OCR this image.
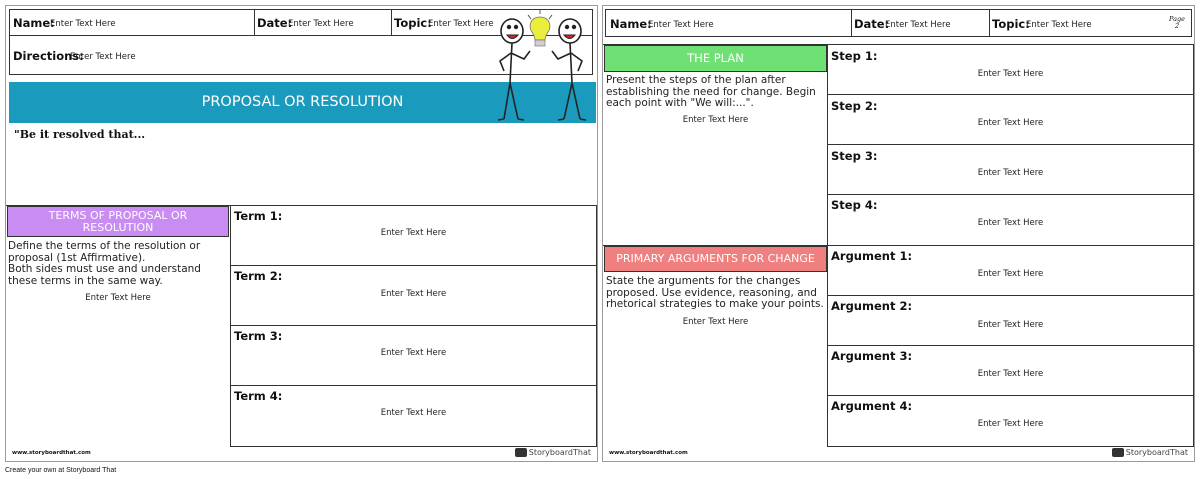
Name:
Enter Text Here	Date:
Enter Text Here	Topic:
Enter Text Here
Directions:
Enter Text Here
PROPOSAL OR RESOLUTION
"Be it resolved that...
TERMS OF PROPOSAL OR RESOLUTION
Define the terms of the resolution or proposal (1st Affirmative).
Both sides must use and understand these terms in the same way.
Enter Text Here
Term 1:
Enter Text Here
Term 2:
Enter Text Here
Term 3:
Enter Text Here
Term 4:
Enter Text Here
www.storyboardthat.com	StoryboardThat
Name:
Enter Text Here	Date:
Enter Text Here	Topic:
Enter Text Here
Page
2
THE PLAN
Present the steps of the plan after establishing the need for change. Begin each point with "We will:...".
Enter Text Here
PRIMARY ARGUMENTS FOR CHANGE
State the arguments for the changes proposed. Use evidence, reasoning, and rhetorical strategies to make your points.
Enter Text Here
Step 1:
Enter Text Here
Step 2:
Enter Text Here
Step 3:
Enter Text Here
Step 4:
Enter Text Here
Argument 1:
Enter Text Here
Argument 2:
Enter Text Here
Argument 3:
Enter Text Here
Argument 4:
Enter Text Here
www.storyboardthat.com	StoryboardThat
Create your own at Storyboard That
